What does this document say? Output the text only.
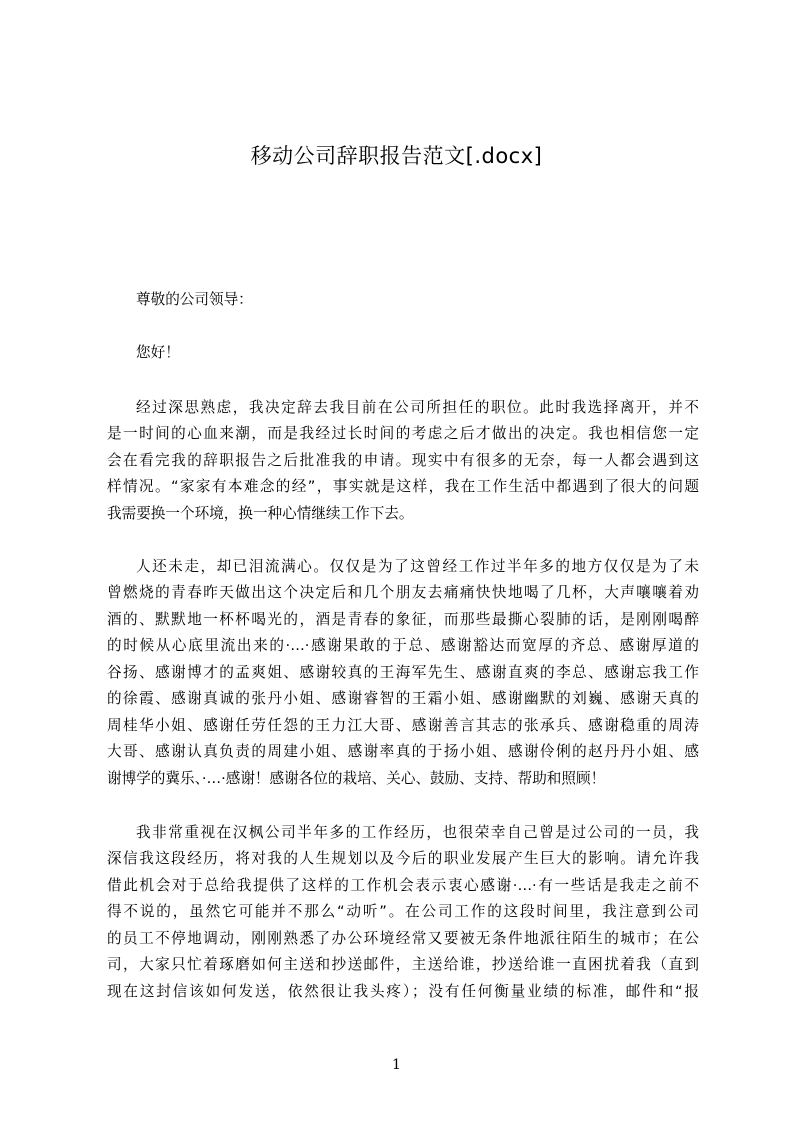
移动公司辞职报告范文[.docx]
尊敬的公司领导：
您好！
经过深思熟虑，我决定辞去我目前在公司所担任的职位。此时我选择离开，并不
是一时间的心血来潮，而是我经过长时间的考虑之后才做出的决定。我也相信您一定
会在看完我的辞职报告之后批准我的申请。现实中有很多的无奈，每一人都会遇到这
样情况。“家家有本难念的经”，事实就是这样，我在工作生活中都遇到了很大的问题
我需要换一个环境，换一种心情继续工作下去。
人还未走，却已泪流满心。仅仅是为了这曾经工作过半年多的地方仅仅是为了未
曾燃烧的青春昨天做出这个决定后和几个朋友去痛痛快快地喝了几杯，大声嚷嚷着劝
酒的、默默地一杯杯喝光的，酒是青春的象征，而那些最撕心裂肺的话，是刚刚喝醉
的时候从心底里流出来的·…·感谢果敢的于总、感谢豁达而宽厚的齐总、感谢厚道的
谷扬、感谢博才的孟爽姐、感谢较真的王海军先生、感谢直爽的李总、感谢忘我工作
的徐霞、感谢真诚的张丹小姐、感谢睿智的王霜小姐、感谢幽默的刘巍、感谢天真的
周桂华小姐、感谢任劳任怨的王力江大哥、感谢善言其志的张承兵、感谢稳重的周涛
大哥、感谢认真负责的周建小姐、感谢率真的于扬小姐、感谢伶俐的赵丹丹小姐、感
谢博学的冀乐、·…·感谢！感谢各位的栽培、关心、鼓励、支持、帮助和照顾！
我非常重视在汉枫公司半年多的工作经历，也很荣幸自己曾是过公司的一员，我
深信我这段经历，将对我的人生规划以及今后的职业发展产生巨大的影响。请允许我
借此机会对于总给我提供了这样的工作机会表示衷心感谢·…·有一些话是我走之前不
得不说的，虽然它可能并不那么“动听”。在公司工作的这段时间里，我注意到公司
的员工不停地调动，刚刚熟悉了办公环境经常又要被无条件地派往陌生的城市；在公
司，大家只忙着琢磨如何主送和抄送邮件，主送给谁，抄送给谁一直困扰着我（直到
现在这封信该如何发送，依然很让我头疼）；没有任何衡量业绩的标准，邮件和“报
1
